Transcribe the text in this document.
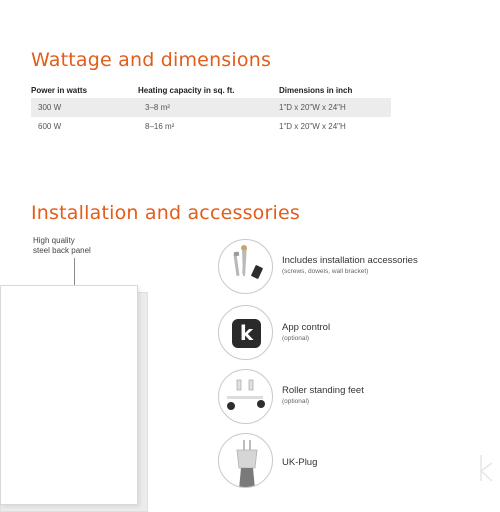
Wattage and dimensions
Power in watts	Heating capacity in sq. ft.	Dimensions in inch
300 W	3–8 m²	1"D x 20"W x 24"H
600 W	8–16 m²	1"D x 20"W x 24"H
Installation and accessories
High quality
steel back panel
Includes installation accessories
(screws, dowels, wall bracket)
k	App control
(optional)
Roller standing feet
(optional)
UK-Plug
